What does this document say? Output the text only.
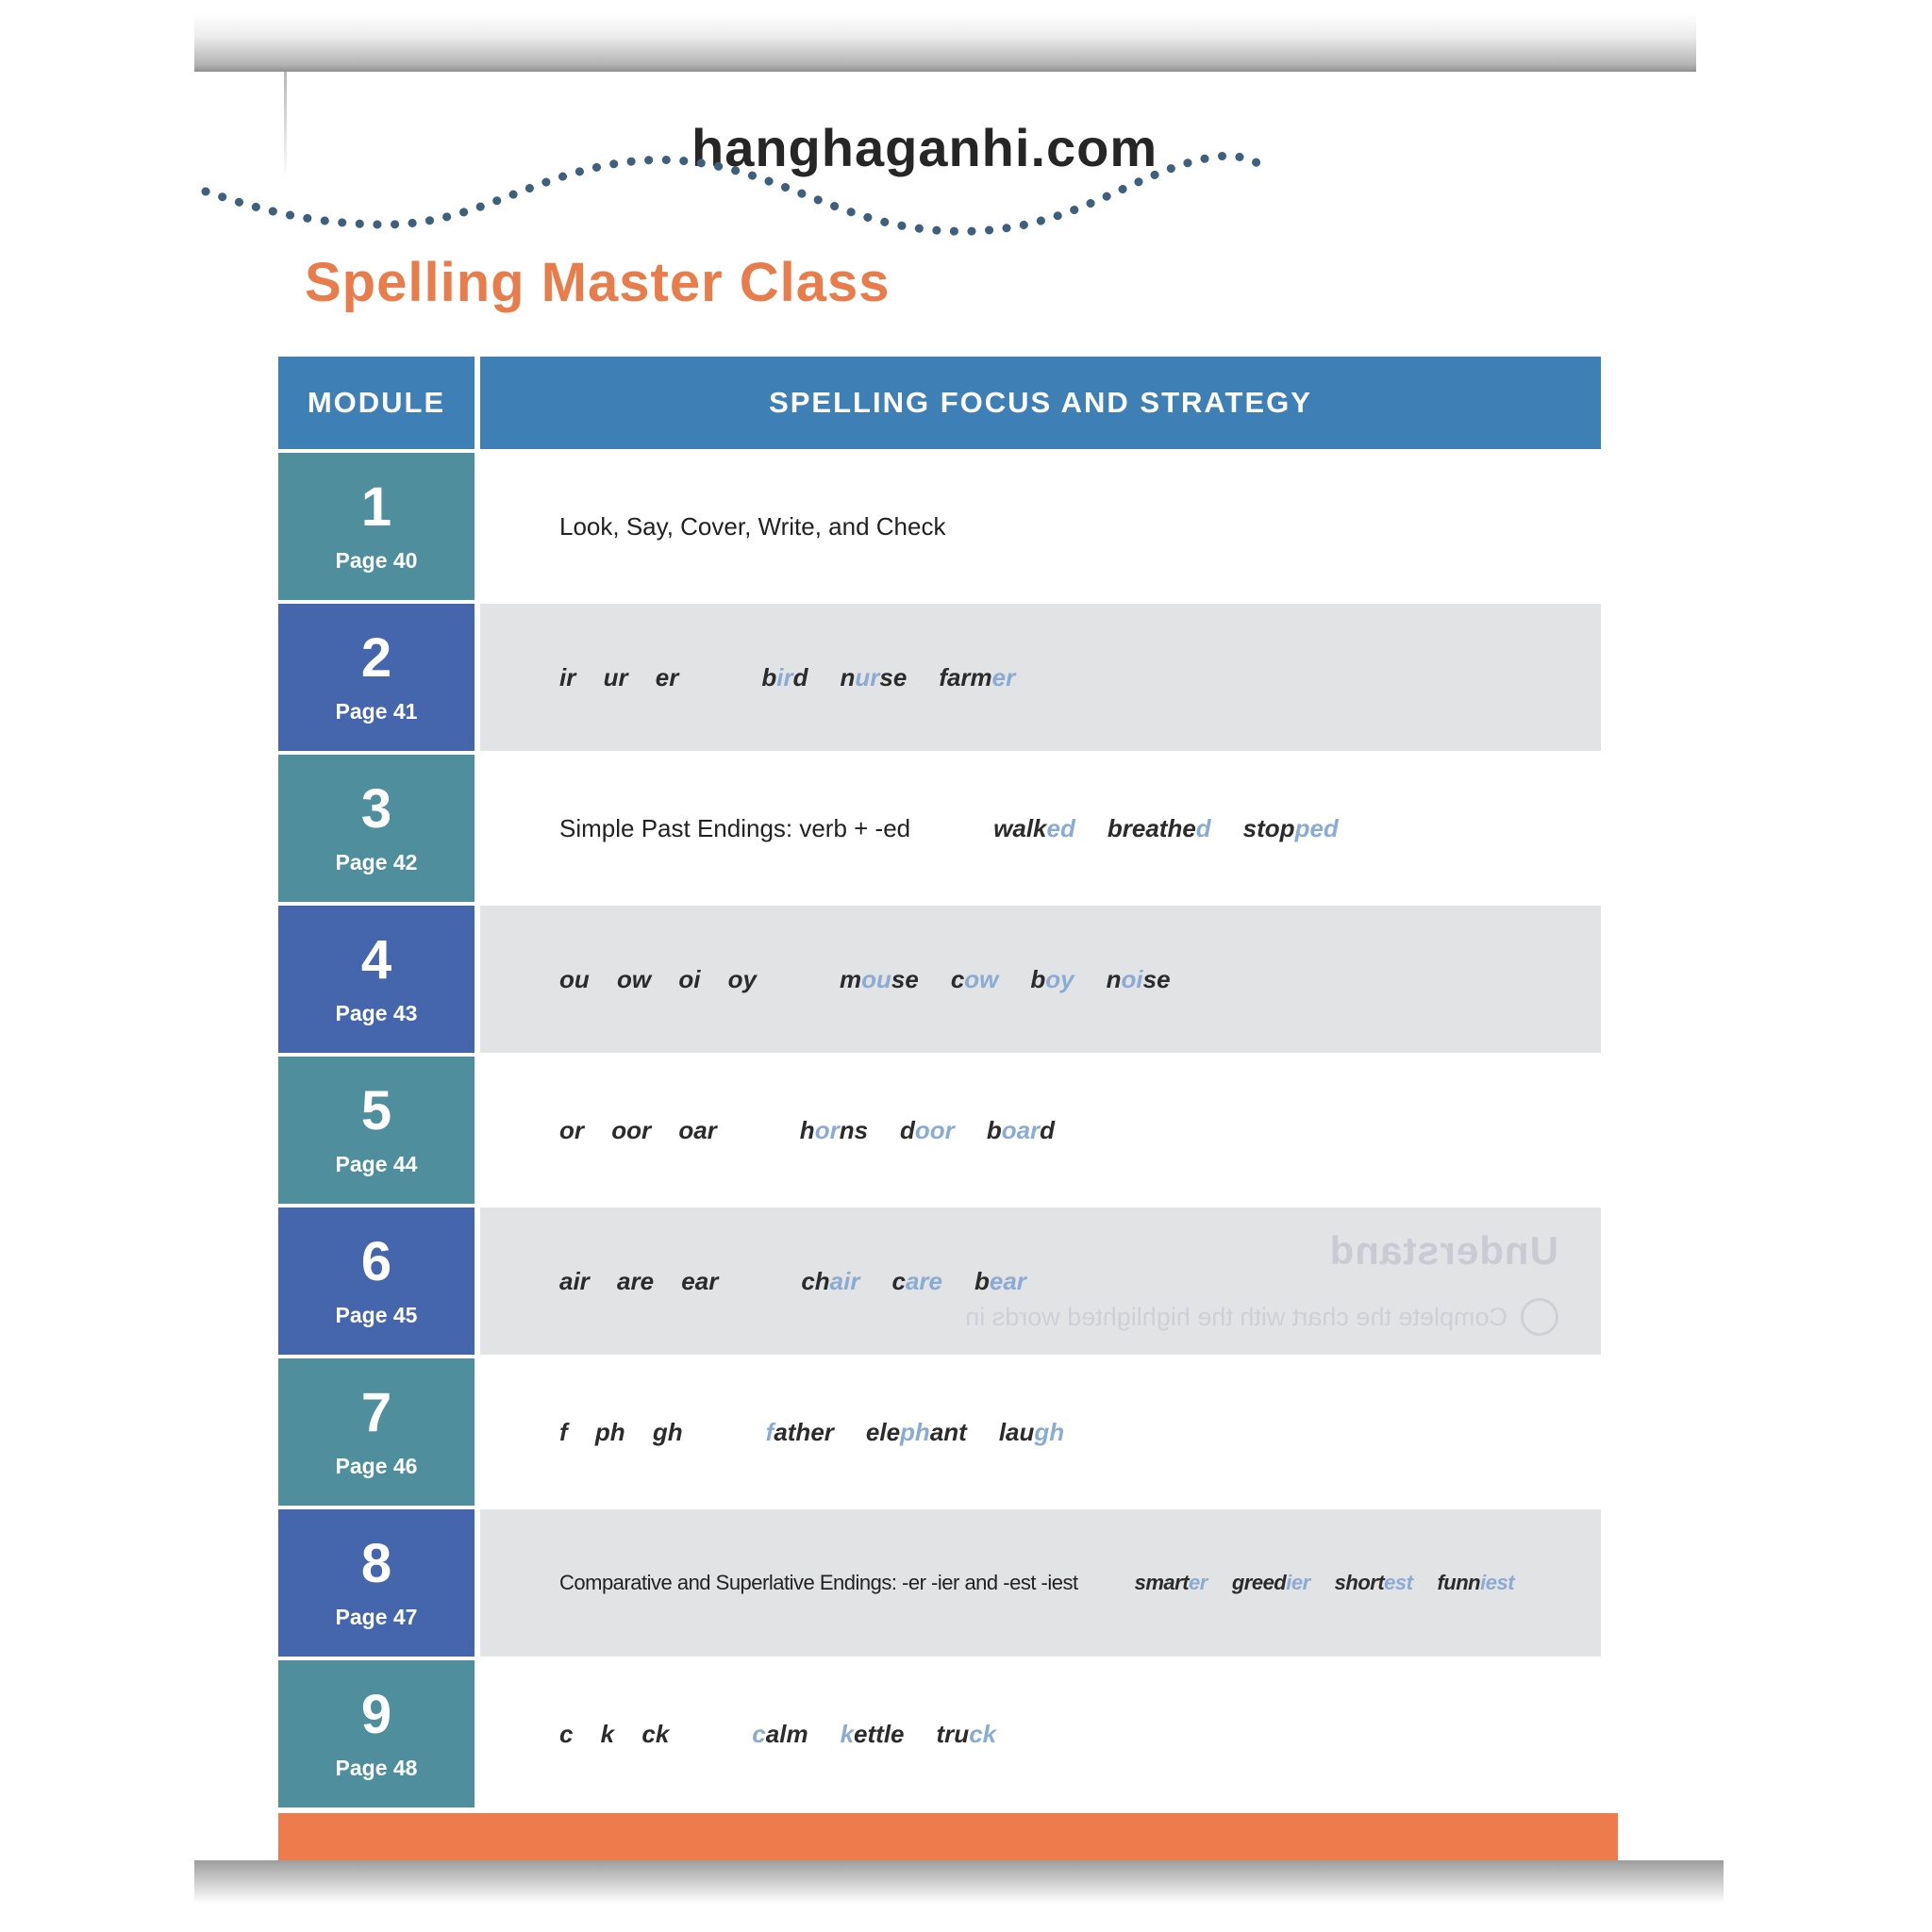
hanghaganhi.com
Spelling Master Class
MODULE	SPELLING FOCUS AND STRATEGY
1
Page 40
Look, Say, Cover, Write, and Check
2
Page 41
ir ur er	bird nurse farmer
3
Page 42
Simple Past Endings: verb + -ed	walked breathed stopped
4
Page 43
ou ow oi oy	mouse cow boy noise
5
Page 44
or oor oar	horns door board
6
Page 45
air are ear	chair care bear
Understand
Complete the chart with the highlighted words in
7
Page 46
f ph gh	father elephant laugh
8
Page 47
Comparative and Superlative Endings: -er -ier and -est -iest	smarter greedier shortest funniest
9
Page 48
c k ck	calm kettle truck
